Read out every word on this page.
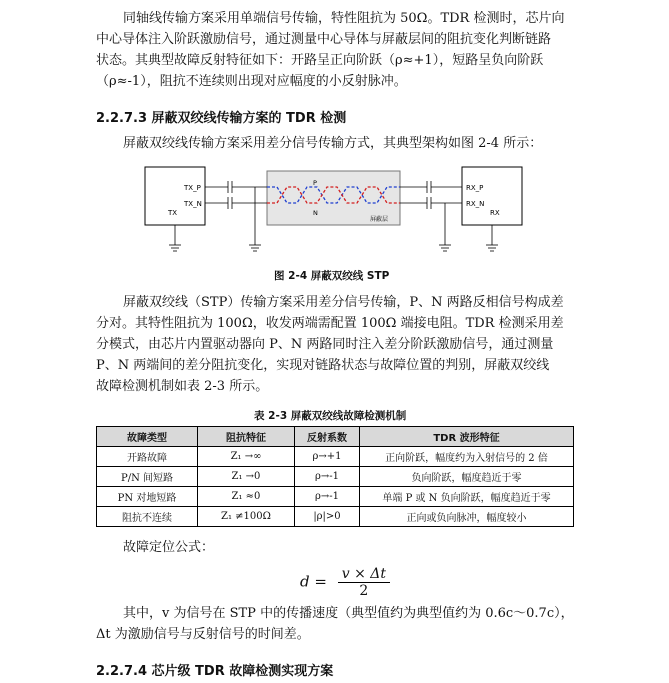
同轴线传输方案采用单端信号传输，特性阻抗为 50Ω。TDR 检测时，芯片向
中心导体注入阶跃激励信号，通过测量中心导体与屏蔽层间的阻抗变化判断链路
状态。其典型故障反射特征如下：开路呈正向阶跃（ρ≈+1），短路呈负向阶跃
（ρ≈-1），阻抗不连续则出现对应幅度的小反射脉冲。
2.2.7.3 屏蔽双绞线传输方案的 TDR 检测
屏蔽双绞线传输方案采用差分信号传输方式，其典型架构如图 2-4 所示：
TX
TX_P
TX_N
RX
RX_P
RX_N
屏蔽层
P
N
图 2-4 屏蔽双绞线 STP
屏蔽双绞线（STP）传输方案采用差分信号传输，P、N 两路反相信号构成差
分对。其特性阻抗为 100Ω，收发两端需配置 100Ω 端接电阻。TDR 检测采用差
分模式，由芯片内置驱动器向 P、N 两路同时注入差分阶跃激励信号，通过测量
P、N 两端间的差分阻抗变化，实现对链路状态与故障位置的判别，屏蔽双绞线
故障检测机制如表 2-3 所示。
表 2-3 屏蔽双绞线故障检测机制
故障类型	阻抗特征	反射系数	TDR 波形特征
开路故障	Z₁ →∞	ρ→+1	正向阶跃，幅度约为入射信号的 2 倍
P/N 间短路	Z₁ →0	ρ→-1	负向阶跃，幅度趋近于零
PN 对地短路	Z₁ ≈0	ρ→-1	单端 P 或 N 负向阶跃，幅度趋近于零
阻抗不连续	Z₁ ≠100Ω	|ρ|>0	正向或负向脉冲，幅度较小
故障定位公式：
$d = \frac{v \times \Delta t}{2}$
其中，v 为信号在 STP 中的传播速度（典型值约为典型值约为 0.6c～0.7c），
Δt 为激励信号与反射信号的时间差。
2.2.7.4 芯片级 TDR 故障检测实现方案
